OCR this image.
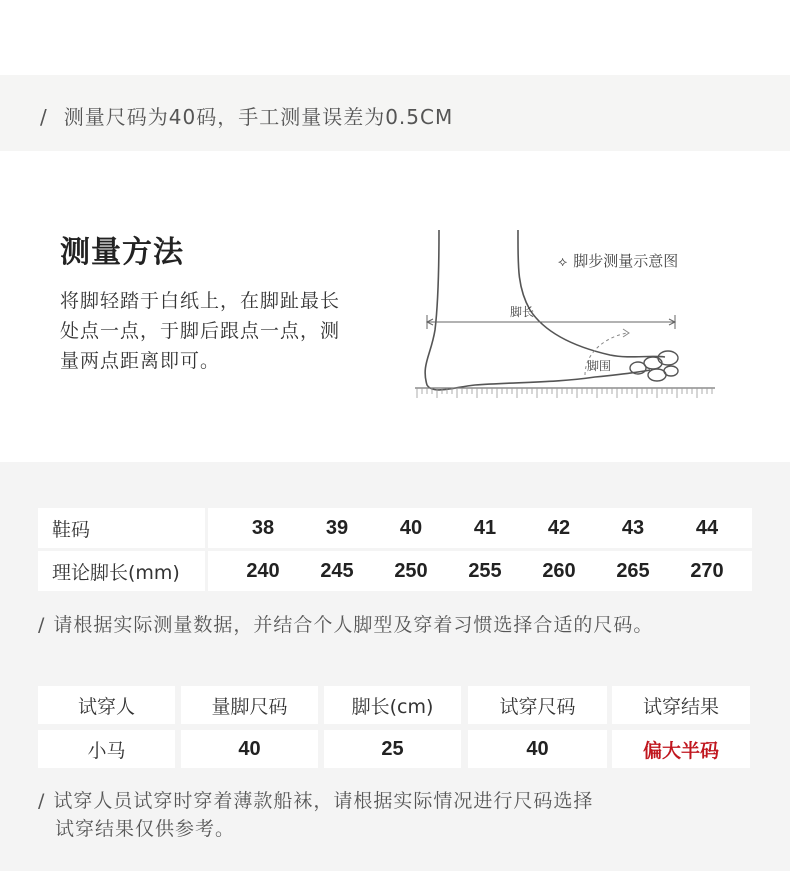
/ 测量尺码为40码，手工测量误差为0.5CM
测量方法
将脚轻踏于白纸上，在脚趾最长处点一点，于脚后跟点一点，测量两点距离即可。
⟡ 脚步测量示意图
脚长
脚围
鞋码	38	39	40	41	42	43	44
理论脚长(mm)	240	245	250	255	260	265	270
/ 请根据实际测量数据，并结合个人脚型及穿着习惯选择合适的尺码。
试穿人	量脚尺码	脚长(cm)	试穿尺码	试穿结果
小马	40	25	40	偏大半码
/ 试穿人员试穿时穿着薄款船袜，请根据实际情况进行尺码选择
试穿结果仅供参考。
